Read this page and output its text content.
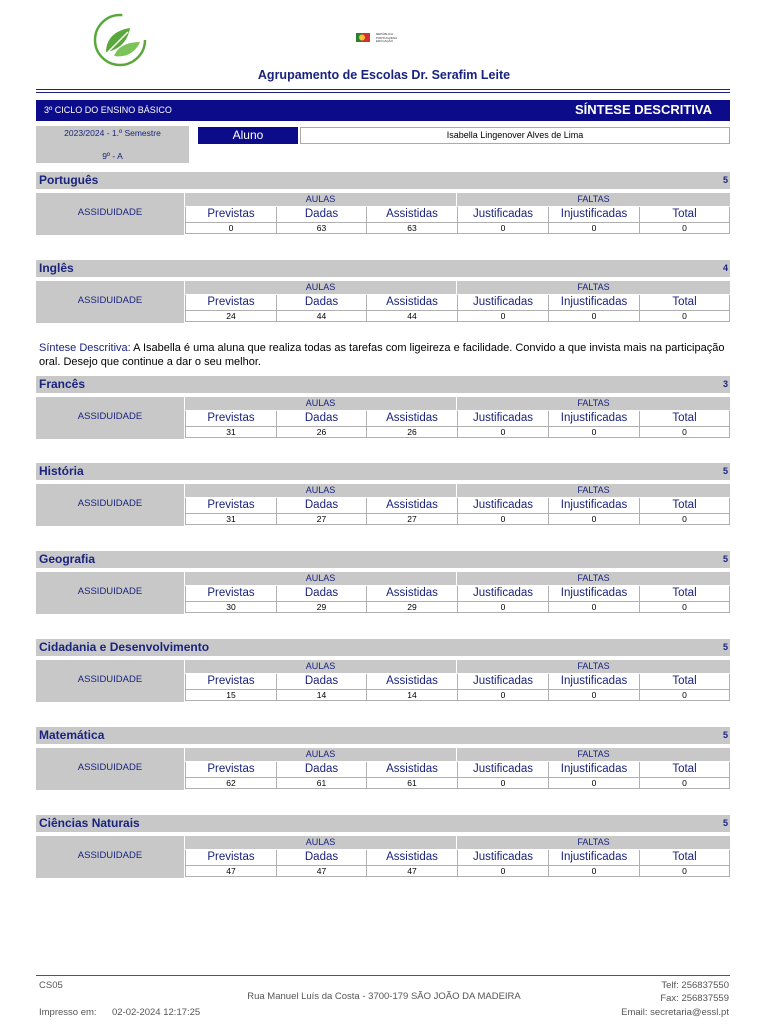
REPÚBLICA PORTUGUESA EDUCAÇÃO
Agrupamento de Escolas Dr. Serafim Leite
3º CICLO DO ENSINO BÁSICO	SÍNTESE DESCRITIVA
2023/2024 - 1.º Semestre
9º - A
Aluno	Isabella Lingenover Alves de Lima
Português	5
ASSIDUIDADE
AULAS	FALTAS
Previstas	Dadas	Assistidas	Justificadas	Injustificadas	Total
0	63	63	0	0	0
Inglês	4
ASSIDUIDADE
AULAS	FALTAS
Previstas	Dadas	Assistidas	Justificadas	Injustificadas	Total
24	44	44	0	0	0
Francês	3
ASSIDUIDADE
AULAS	FALTAS
Previstas	Dadas	Assistidas	Justificadas	Injustificadas	Total
31	26	26	0	0	0
História	5
ASSIDUIDADE
AULAS	FALTAS
Previstas	Dadas	Assistidas	Justificadas	Injustificadas	Total
31	27	27	0	0	0
Geografia	5
ASSIDUIDADE
AULAS	FALTAS
Previstas	Dadas	Assistidas	Justificadas	Injustificadas	Total
30	29	29	0	0	0
Cidadania e Desenvolvimento	5
ASSIDUIDADE
AULAS	FALTAS
Previstas	Dadas	Assistidas	Justificadas	Injustificadas	Total
15	14	14	0	0	0
Matemática	5
ASSIDUIDADE
AULAS	FALTAS
Previstas	Dadas	Assistidas	Justificadas	Injustificadas	Total
62	61	61	0	0	0
Ciências Naturais	5
ASSIDUIDADE
AULAS	FALTAS
Previstas	Dadas	Assistidas	Justificadas	Injustificadas	Total
47	47	47	0	0	0
Síntese Descritiva: A Isabella é uma aluna que realiza todas as tarefas com ligeireza e facilidade. Convido a que invista mais na participação oral. Desejo que continue a dar o seu melhor.
CS05
Rua Manuel Luís da Costa - 3700-179 SÃO JOÃO DA MADEIRA
Impresso em: 02-02-2024 12:17:25
Telf: 256837550
Fax: 256837559
Email: secretaria@essl.pt
